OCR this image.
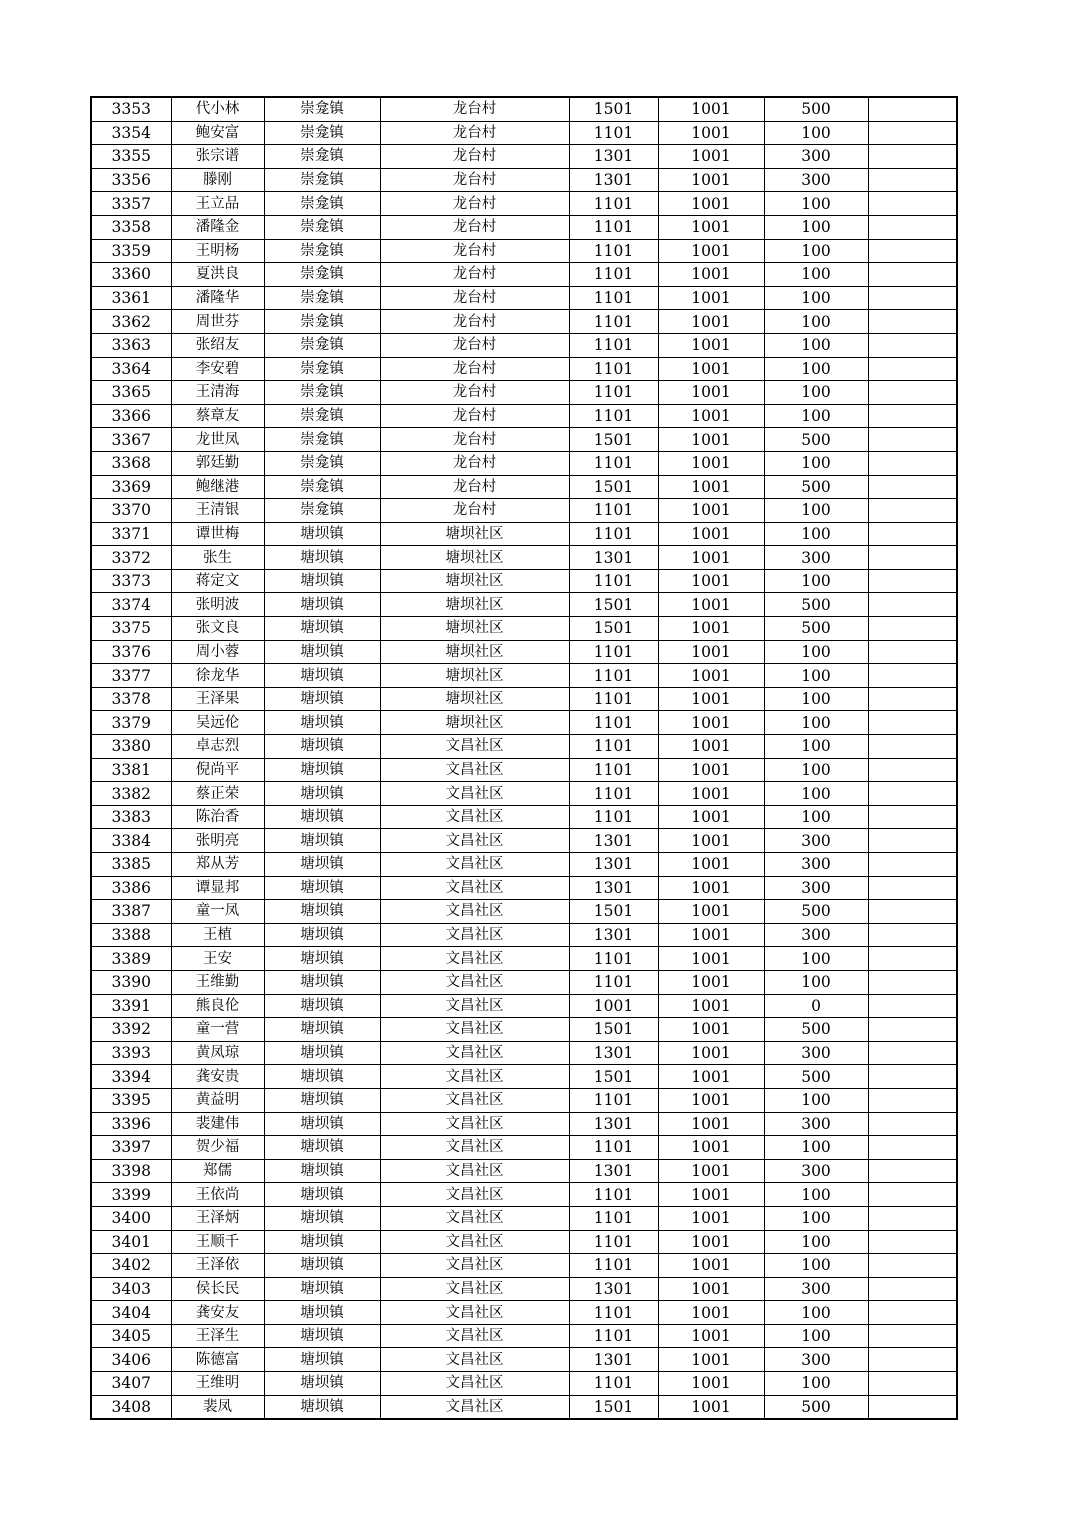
3353	代小林	崇龛镇	龙台村	1501	1001	500	
3354	鲍安富	崇龛镇	龙台村	1101	1001	100	
3355	张宗谱	崇龛镇	龙台村	1301	1001	300	
3356	滕刚	崇龛镇	龙台村	1301	1001	300	
3357	王立品	崇龛镇	龙台村	1101	1001	100	
3358	潘隆金	崇龛镇	龙台村	1101	1001	100	
3359	王明杨	崇龛镇	龙台村	1101	1001	100	
3360	夏洪良	崇龛镇	龙台村	1101	1001	100	
3361	潘隆华	崇龛镇	龙台村	1101	1001	100	
3362	周世芬	崇龛镇	龙台村	1101	1001	100	
3363	张绍友	崇龛镇	龙台村	1101	1001	100	
3364	李安碧	崇龛镇	龙台村	1101	1001	100	
3365	王清海	崇龛镇	龙台村	1101	1001	100	
3366	蔡章友	崇龛镇	龙台村	1101	1001	100	
3367	龙世凤	崇龛镇	龙台村	1501	1001	500	
3368	郭廷勤	崇龛镇	龙台村	1101	1001	100	
3369	鲍继港	崇龛镇	龙台村	1501	1001	500	
3370	王清银	崇龛镇	龙台村	1101	1001	100	
3371	谭世梅	塘坝镇	塘坝社区	1101	1001	100	
3372	张生	塘坝镇	塘坝社区	1301	1001	300	
3373	蒋定文	塘坝镇	塘坝社区	1101	1001	100	
3374	张明波	塘坝镇	塘坝社区	1501	1001	500	
3375	张文良	塘坝镇	塘坝社区	1501	1001	500	
3376	周小蓉	塘坝镇	塘坝社区	1101	1001	100	
3377	徐龙华	塘坝镇	塘坝社区	1101	1001	100	
3378	王泽果	塘坝镇	塘坝社区	1101	1001	100	
3379	吴远伦	塘坝镇	塘坝社区	1101	1001	100	
3380	卓志烈	塘坝镇	文昌社区	1101	1001	100	
3381	倪尚平	塘坝镇	文昌社区	1101	1001	100	
3382	蔡正荣	塘坝镇	文昌社区	1101	1001	100	
3383	陈治香	塘坝镇	文昌社区	1101	1001	100	
3384	张明亮	塘坝镇	文昌社区	1301	1001	300	
3385	郑从芳	塘坝镇	文昌社区	1301	1001	300	
3386	谭显邦	塘坝镇	文昌社区	1301	1001	300	
3387	童一凤	塘坝镇	文昌社区	1501	1001	500	
3388	王植	塘坝镇	文昌社区	1301	1001	300	
3389	王安	塘坝镇	文昌社区	1101	1001	100	
3390	王维勤	塘坝镇	文昌社区	1101	1001	100	
3391	熊良伦	塘坝镇	文昌社区	1001	1001	0	
3392	童一营	塘坝镇	文昌社区	1501	1001	500	
3393	黄凤琼	塘坝镇	文昌社区	1301	1001	300	
3394	龚安贵	塘坝镇	文昌社区	1501	1001	500	
3395	黄益明	塘坝镇	文昌社区	1101	1001	100	
3396	裴建伟	塘坝镇	文昌社区	1301	1001	300	
3397	贺少福	塘坝镇	文昌社区	1101	1001	100	
3398	郑儒	塘坝镇	文昌社区	1301	1001	300	
3399	王依尚	塘坝镇	文昌社区	1101	1001	100	
3400	王泽炳	塘坝镇	文昌社区	1101	1001	100	
3401	王顺千	塘坝镇	文昌社区	1101	1001	100	
3402	王泽依	塘坝镇	文昌社区	1101	1001	100	
3403	侯长民	塘坝镇	文昌社区	1301	1001	300	
3404	龚安友	塘坝镇	文昌社区	1101	1001	100	
3405	王泽生	塘坝镇	文昌社区	1101	1001	100	
3406	陈德富	塘坝镇	文昌社区	1301	1001	300	
3407	王维明	塘坝镇	文昌社区	1101	1001	100	
3408	裴凤	塘坝镇	文昌社区	1501	1001	500	
